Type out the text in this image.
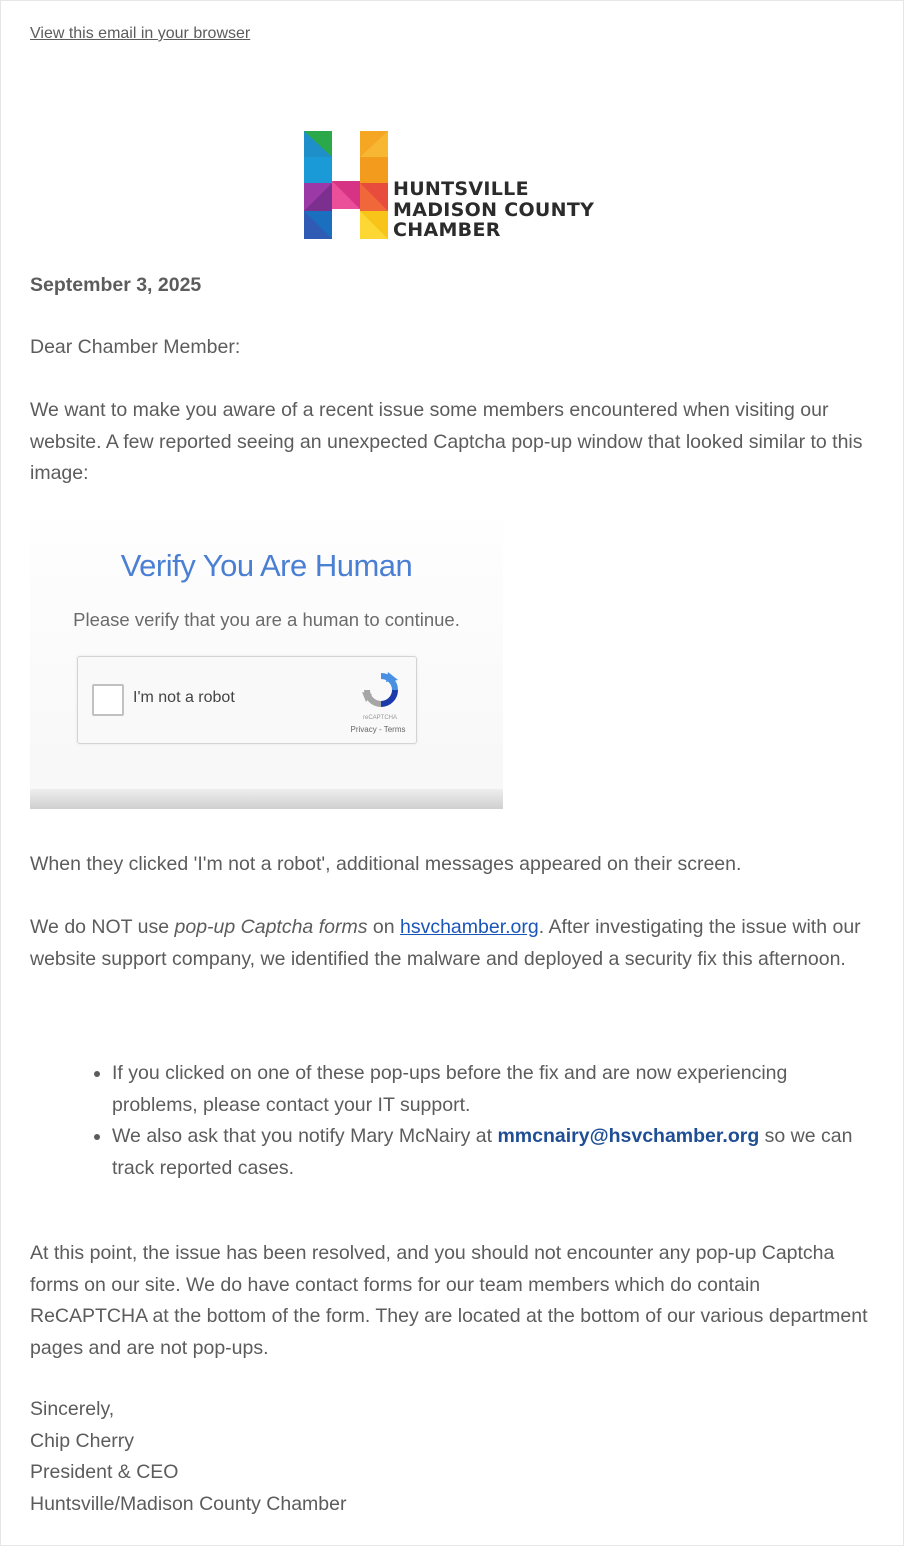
View this email in your browser
HUNTSVILLE
MADISON COUNTY
CHAMBER
September 3, 2025

Dear Chamber Member:

We want to make you aware of a recent issue some members encountered when visiting our website. A few reported seeing an unexpected Captcha pop-up window that looked similar to this image:

Verify You Are Human
Please verify that you are a human to continue.
I'm not a robot
reCAPTCHA
Privacy - Terms

When they clicked 'I'm not a robot', additional messages appeared on their screen.

We do NOT use pop-up Captcha forms on hsvchamber.org. After investigating the issue with our website support company, we identified the malware and deployed a security fix this afternoon.

• If you clicked on one of these pop-ups before the fix and are now experiencing problems, please contact your IT support.
• We also ask that you notify Mary McNairy at mmcnairy@hsvchamber.org so we can track reported cases.

At this point, the issue has been resolved, and you should not encounter any pop-up Captcha forms on our site. We do have contact forms for our team members which do contain ReCAPTCHA at the bottom of the form. They are located at the bottom of our various department pages and are not pop-ups.

Sincerely,
Chip Cherry
President & CEO
Huntsville/Madison County Chamber
